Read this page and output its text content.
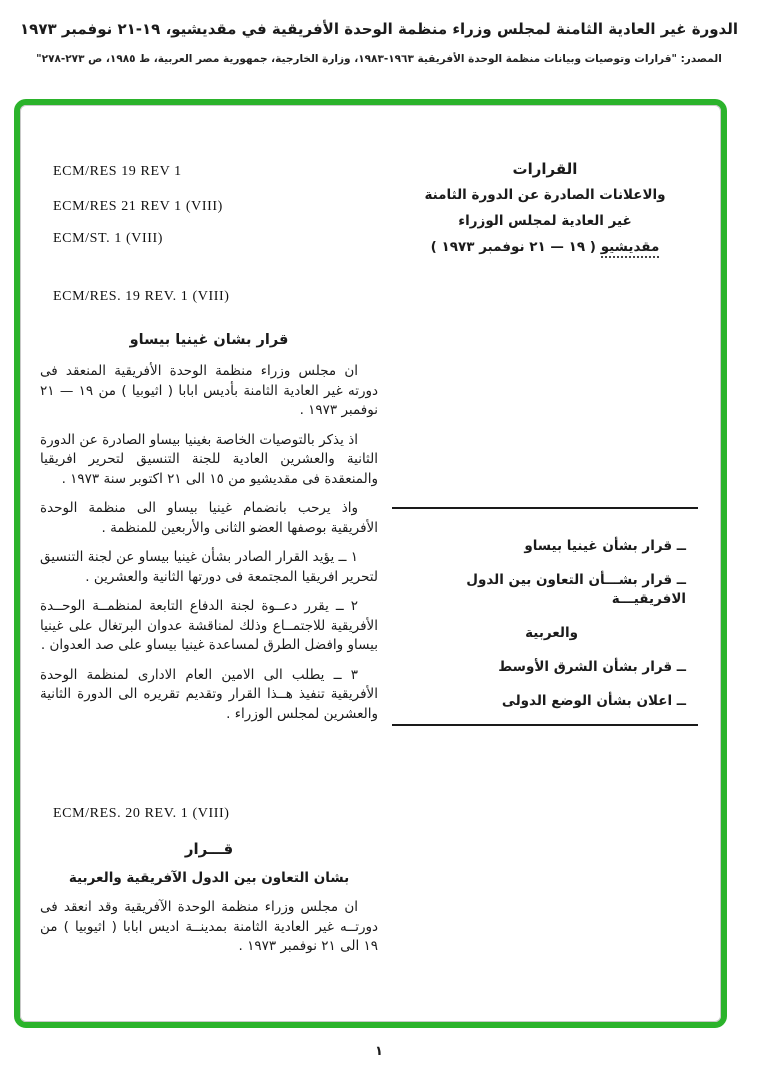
الدورة غير العادية الثامنة لمجلس وزراء منظمة الوحدة الأفريقية في مقديشيو، ١٩-٢١ نوفمبر ١٩٧٣
المصدر: "قرارات وتوصيات وبيانات منظمة الوحدة الأفريقية ١٩٦٣-١٩٨٣، وزارة الخارجية، جمهورية مصر العربية، ط ١٩٨٥، ص ٢٧٣-٢٧٨"
القرارات
والاعلانات الصادرة عن الدورة الثامنة
غير العادية لمجلس الوزراء
مقديشيو ( ١٩ — ٢١ نوفمبر ١٩٧٣ )
ــ قرار بشأن غينيا بيساو
ــ قرار بشـــأن التعاون بين الدول الافريقيـــة
والعربية
ــ قرار بشأن الشرق الأوسط
ــ اعلان بشأن الوضع الدولى
ECM/RES 19 REV 1
ECM/RES 21 REV 1 (VIII)
ECM/ST. 1 (VIII)
ECM/RES. 19 REV. 1 (VIII)
قرار بشان غينيا بيساو

ان مجلس وزراء منظمة الوحدة الأفريقية المنعقد فى دورته غير العادية الثامنة بأديس ابابا ( اثيوبيا ) من ١٩ — ٢١ نوفمبر ١٩٧٣ .

اذ يذكر بالتوصيات الخاصة بغينيا بيساو الصادرة عن الدورة الثانية والعشرين العادية للجنة التنسيق لتحرير افريقيا والمنعقدة فى مقديشيو من ١٥ الى ٢١ اكتوبر سنة ١٩٧٣ .

واذ يرحب بانضمام غينيا بيساو الى منظمة الوحدة الأفريقية بوصفها العضو الثانى والأربعين للمنظمة .

١ ــ يؤيد القرار الصادر بشأن غينيا بيساو عن لجنة التنسيق لتحرير افريقيا المجتمعة فى دورتها الثانية والعشرين .

٢ ــ يقرر دعــوة لجنة الدفاع التابعة لمنظمــة الوحــدة الأفريقية للاجتمــاع وذلك لمناقشة عدوان البرتغال على غينيا بيساو وافضل الطرق لمساعدة غينيا بيساو على صد العدوان .

٣ ــ يطلب الى الامين العام الادارى لمنظمة الوحدة الأفريقية تنفيذ هــذا القرار وتقديم تقريره الى الدورة الثانية والعشرين لمجلس الوزراء .

ECM/RES. 20 REV. 1 (VIII)
قـــرار
بشان التعاون بين الدول الآفريقية والعربية

ان مجلس وزراء منظمة الوحدة الآفريقية وقد انعقد فى دورتــه غير العادية الثامنة بمدينــة اديس ابابا ( اثيوبيا ) من ١٩ الى ٢١ نوفمبر ١٩٧٣ .

١
